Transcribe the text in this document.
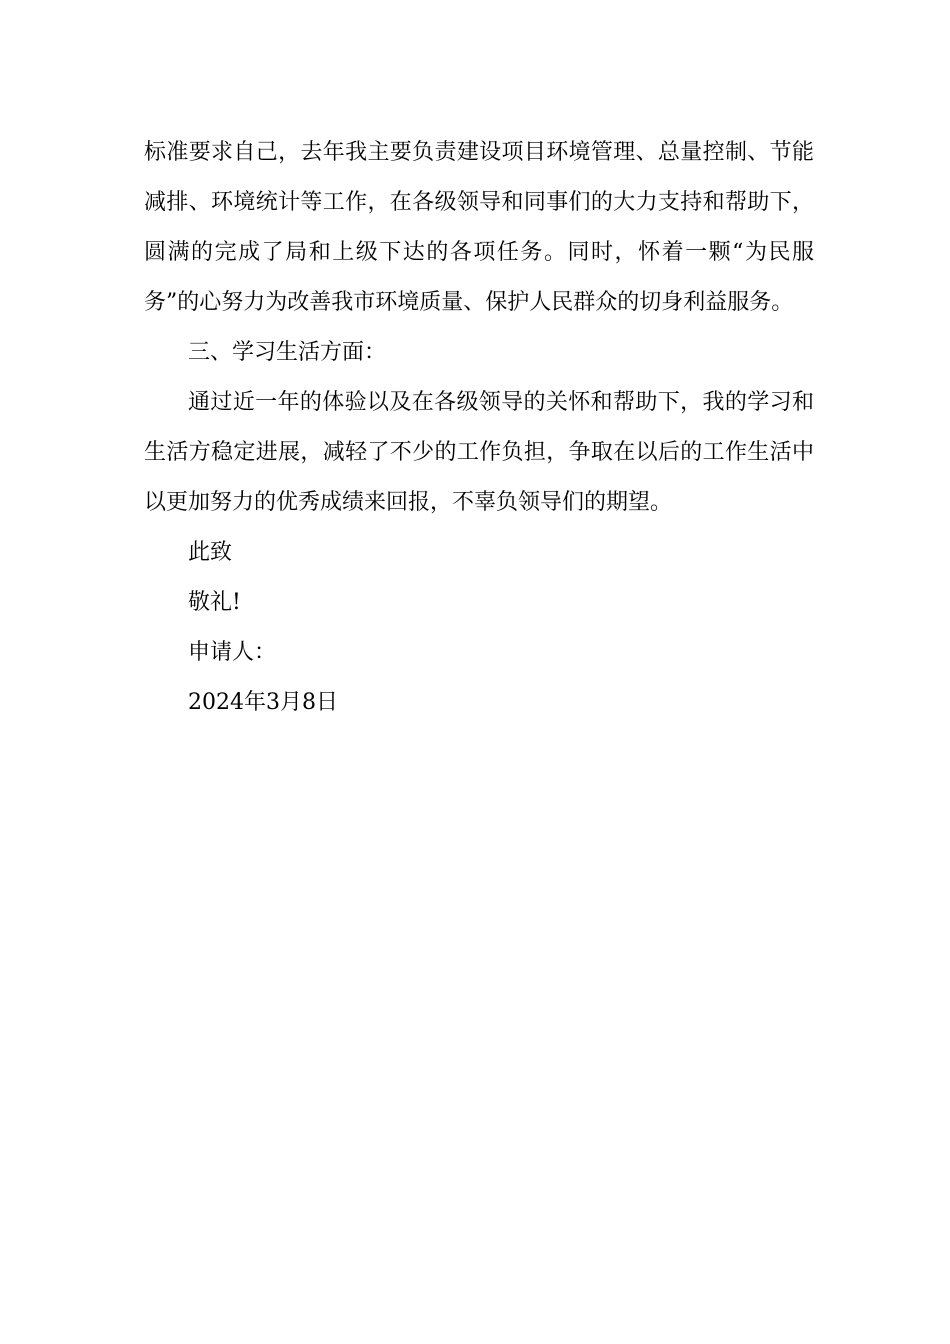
标准要求自己，去年我主要负责建设项目环境管理、总量控制、节能减排、环境统计等工作，在各级领导和同事们的大力支持和帮助下，圆满的完成了局和上级下达的各项任务。同时，怀着一颗“为民服务”的心努力为改善我市环境质量、保护人民群众的切身利益服务。

三、学习生活方面：

通过近一年的体验以及在各级领导的关怀和帮助下，我的学习和生活方稳定进展，减轻了不少的工作负担，争取在以后的工作生活中以更加努力的优秀成绩来回报，不辜负领导们的期望。

此致

敬礼!

申请人：

2024年3月8日
